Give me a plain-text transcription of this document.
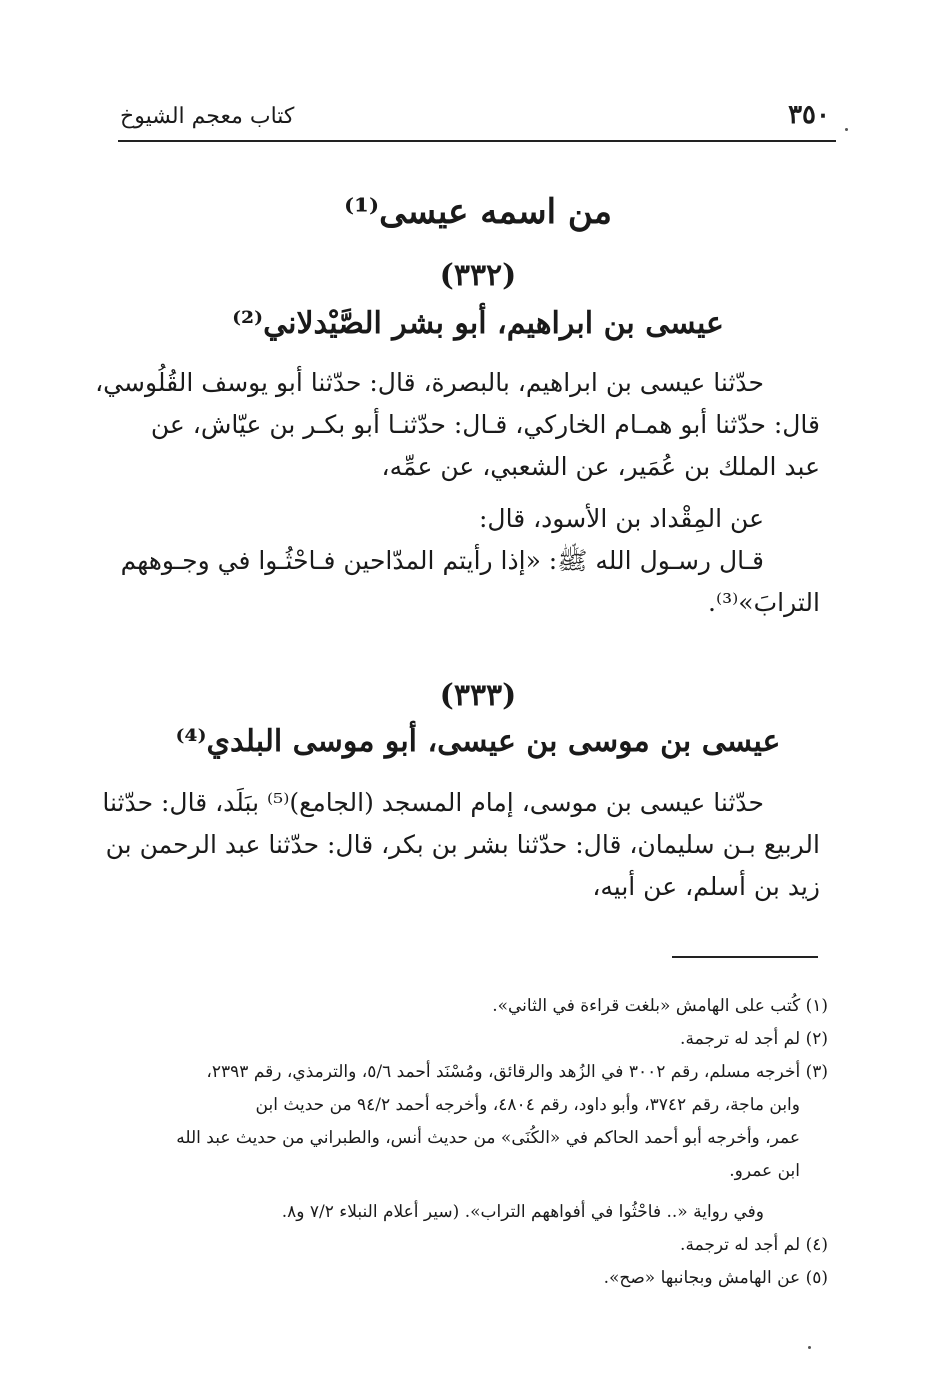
كتاب معجم الشيوخ	٣٥٠
من اسمه عيسى⁽¹⁾
(٣٣٢)
عيسى بن ابراهيم، أبو بشر الصَّيْدلاني⁽²⁾
حدّثنا عيسى بن ابراهيم، بالبصرة، قال: حدّثنا أبو يوسف القُلُوسي،
قال: حدّثنا أبو همـام الخاركي، قـال: حدّثنـا أبو بكـر بن عيّاش، عن
عبد الملك بن عُمَير، عن الشعبي، عن عمِّه،
عن المِقْداد بن الأسود، قال:
قـال رسـول الله ﷺ: «إذا رأيتم المدّاحين فـاحْثُـوا في وجـوههم
الترابَ»⁽³⁾.
(٣٣٣)
عيسى بن موسى بن عيسى، أبو موسى البلدي⁽⁴⁾
حدّثنا عيسى بن موسى، إمام المسجد (الجامع)⁽⁵⁾ ببَلَد، قال: حدّثنا
الربيع بـن سليمان، قال: حدّثنا بشر بن بكر، قال: حدّثنا عبد الرحمن بن
زيد بن أسلم، عن أبيه،
(١) كُتب على الهامش «بلغت قراءة في الثاني».
(٢) لم أجد له ترجمة.
(٣) أخرجه مسلم، رقم ٣٠٠٢ في الزُهد والرقائق، ومُسْنَد أحمد ٥/٦، والترمذي، رقم ٢٣٩٣،
وابن ماجة، رقم ٣٧٤٢، وأبو داود، رقم ٤٨٠٤، وأخرجه أحمد ٩٤/٢ من حديث ابن
عمر، وأخرجه أبو أحمد الحاكم في «الكُنَى» من حديث أنس، والطبراني من حديث عبد الله
ابن عمرو.
وفي رواية «.. فاحْثُوا في أفواههم التراب». (سير أعلام النبلاء ٧/٢ و٨.
(٤) لم أجد له ترجمة.
(٥) عن الهامش وبجانبها «صح».
